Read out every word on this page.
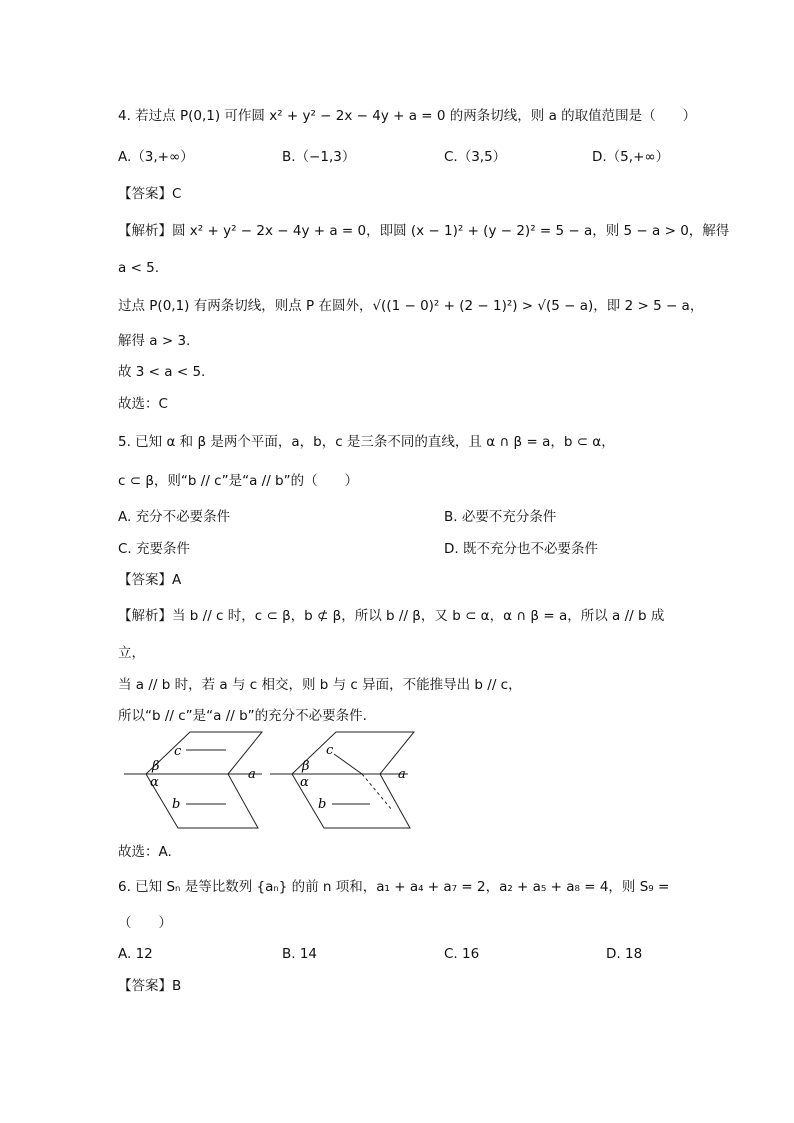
4. 若过点 P(0,1) 可作圆 x² + y² − 2x − 4y + a = 0 的两条切线，则 a 的取值范围是（　　）
A.（3,+∞）	B.（−1,3）	C.（3,5）	D.（5,+∞）
【答案】C
【解析】圆 x² + y² − 2x − 4y + a = 0，即圆 (x − 1)² + (y − 2)² = 5 − a，则 5 − a > 0，解得
a < 5.
过点 P(0,1) 有两条切线，则点 P 在圆外，√((1 − 0)² + (2 − 1)²) > √(5 − a)，即 2 > 5 − a，
解得 a > 3.
故 3 < a < 5.
故选：C
5. 已知 α 和 β 是两个平面，a，b，c 是三条不同的直线，且 α ∩ β = a，b ⊂ α，
c ⊂ β，则“b // c”是“a // b”的（　　）
A. 充分不必要条件	B. 必要不充分条件
C. 充要条件	D. 既不充分也不必要条件
【答案】A
【解析】当 b // c 时，c ⊂ β，b ⊄ β，所以 b // β，又 b ⊂ α，α ∩ β = a，所以 a // b 成
立，
当 a // b 时，若 a 与 c 相交，则 b 与 c 异面，不能推导出 b // c，
所以“b // c”是“a // b”的充分不必要条件.
c
β
α
a
b
c
β
α
a
b
故选：A.
6. 已知 Sₙ 是等比数列 {aₙ} 的前 n 项和，a₁ + a₄ + a₇ = 2，a₂ + a₅ + a₈ = 4，则 S₉ =
（　　）
A. 12	B. 14	C. 16	D. 18
【答案】B
